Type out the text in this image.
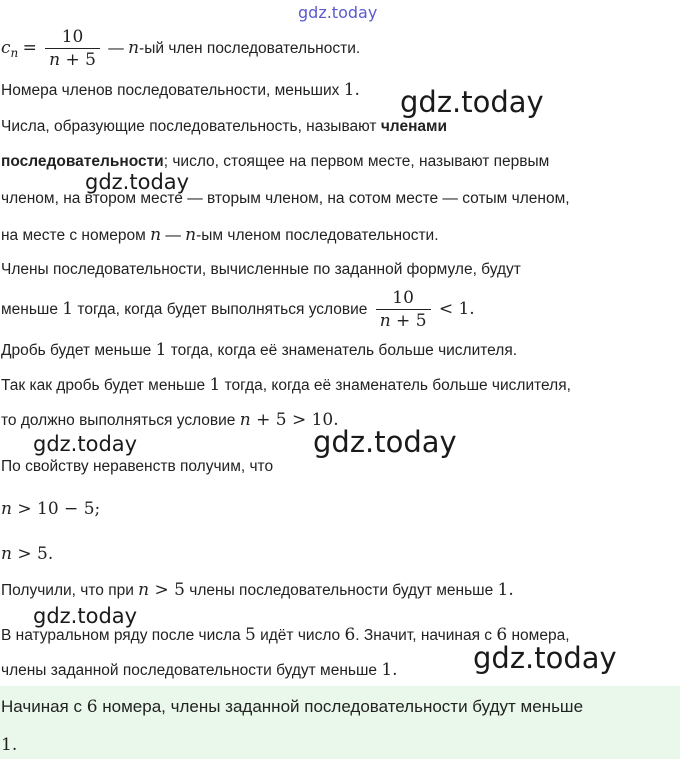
gdz.today
gdz.today
gdz.today
gdz.today	gdz.today
gdz.today
gdz.today
$c_n = \frac{10}{n + 5}$ — n-ый член последовательности.
Номера членов последовательности, меньших 1.
Числа, образующие последовательность, называют членами
последовательности; число, стоящее на первом месте, называют первым
членом, на втором месте — вторым членом, на сотом месте — сотым членом,
на месте с номером n — n-ым членом последовательности.
Члены последовательности, вычисленные по заданной формуле, будут
меньше 1 тогда, когда будет выполняться условие $\frac{10}{n + 5} < 1$.
Дробь будет меньше 1 тогда, когда её знаменатель больше числителя.
Так как дробь будет меньше 1 тогда, когда её знаменатель больше числителя,
то должно выполняться условие n + 5 > 10.
По свойству неравенств получим, что
n > 10 − 5;
n > 5.
Получили, что при n > 5 члены последовательности будут меньше 1.
В натуральном ряду после числа 5 идёт число 6. Значит, начиная с 6 номера,
члены заданной последовательности будут меньше 1.
Начиная с 6 номера, члены заданной последовательности будут меньше
1.
